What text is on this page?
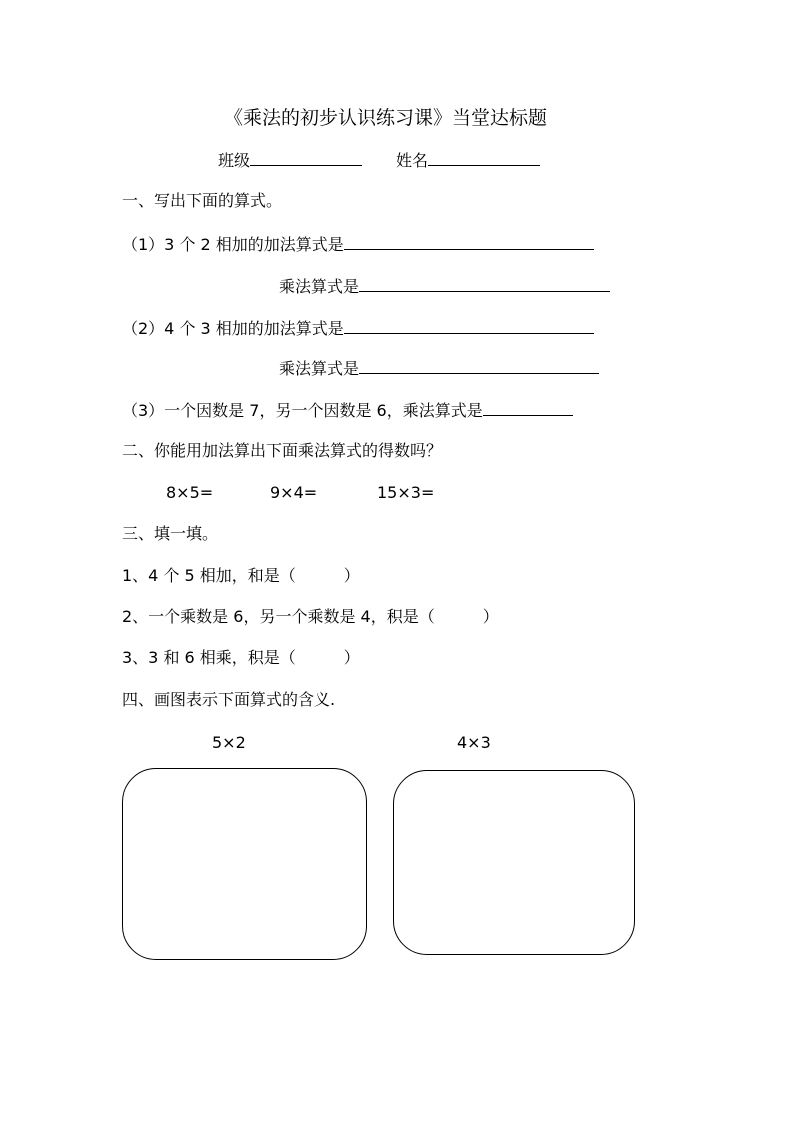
《乘法的初步认识练习课》当堂达标题
班级	姓名
一、写出下面的算式。
（1）3 个 2 相加的加法算式是
乘法算式是
（2）4 个 3 相加的加法算式是
乘法算式是
（3）一个因数是 7，另一个因数是 6，乘法算式是
二、你能用加法算出下面乘法算式的得数吗？
8×5=	9×4=	15×3=
三、填一填。
1、4 个 5 相加，和是（　　　）
2、一个乘数是 6，另一个乘数是 4，积是（　　　）
3、3 和 6 相乘，积是（　　　）
四、画图表示下面算式的含义.
5×2	4×3
